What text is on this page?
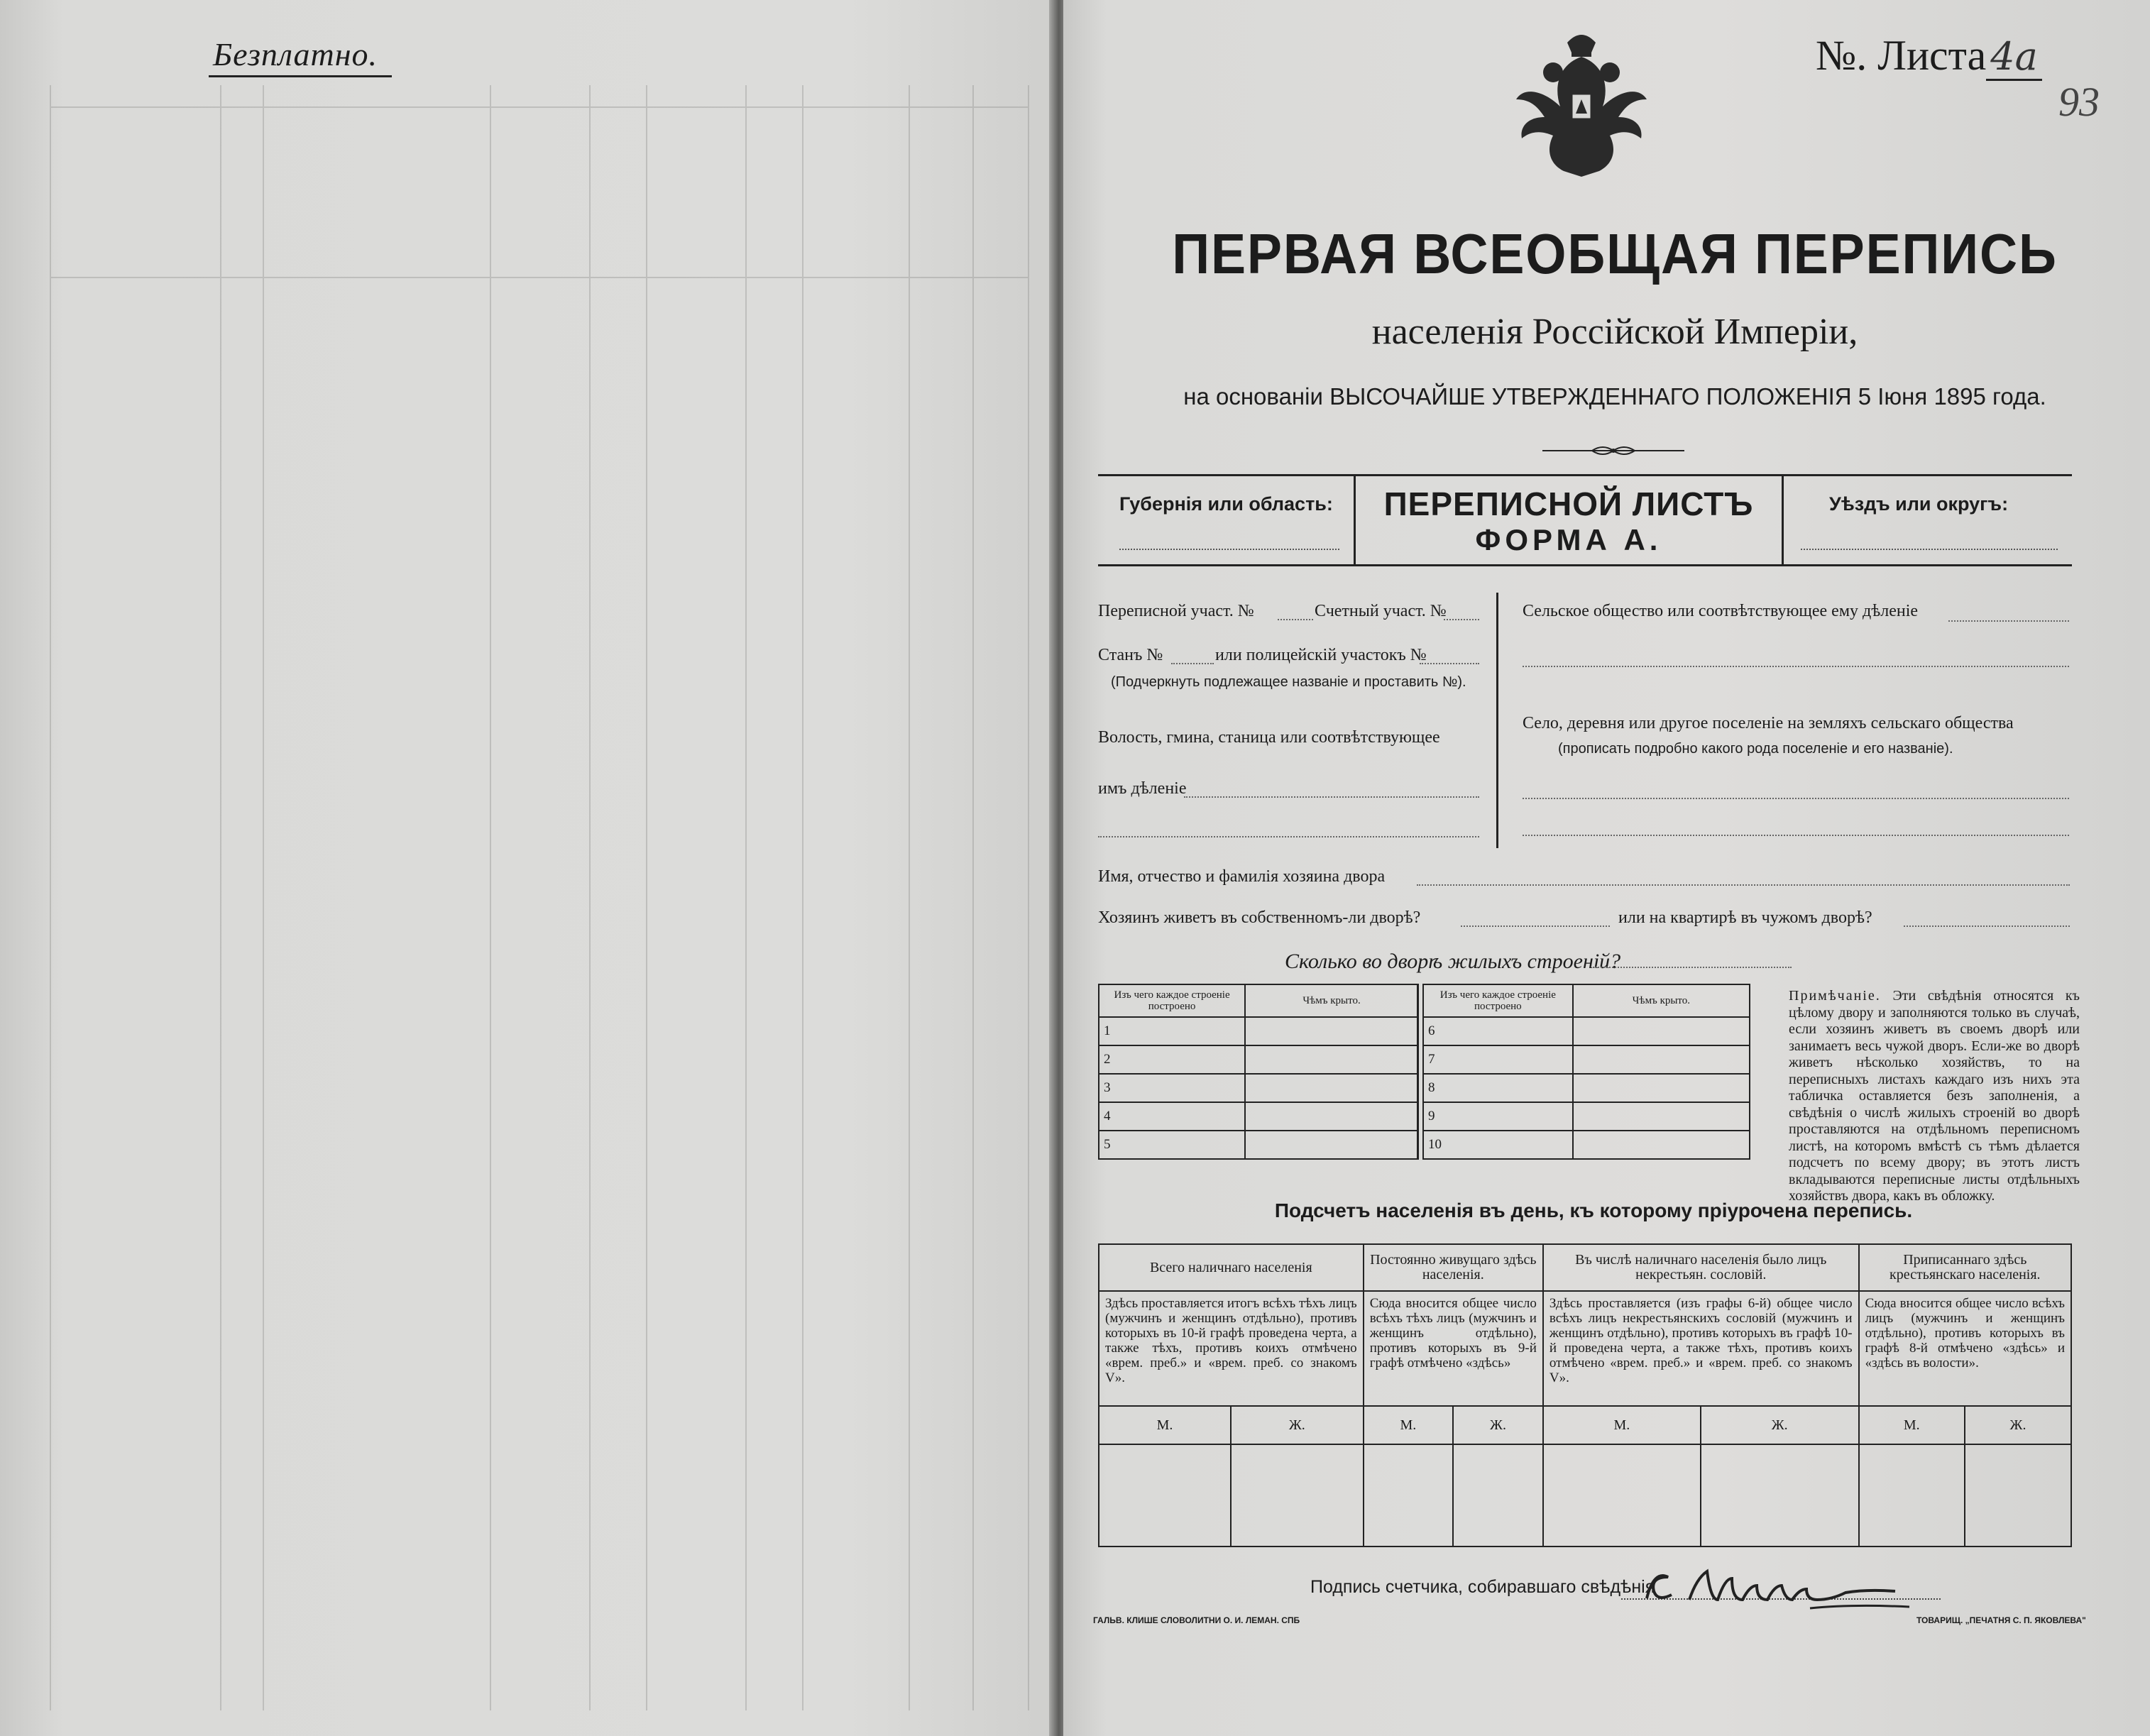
Безплатно.	№. Листа 4а
93
ПЕРВАЯ ВСЕОБЩАЯ ПЕРЕПИСЬ
населенія Россійской Имперіи,
на основаніи ВЫСОЧАЙШЕ УТВЕРЖДЕННАГО ПОЛОЖЕНІЯ 5 Іюня 1895 года.
Губернія или область:	ПЕРЕПИСНОЙ ЛИСТЪ
ФОРМА А.
Уѣздъ или округъ:
Переписной участ. №	Счетный участ. №
Станъ №	или полицейскій участокъ №
(Подчеркнуть подлежащее названіе и проставить №).
Волость, гмина, станица или соотвѣтствующее
имъ дѣленіе
Сельское общество или соотвѣтствующее ему дѣленіе
Село, деревня или другое поселеніе на земляхъ сельскаго общества
(прописать подробно какого рода поселеніе и его названіе).
Имя, отчество и фамилія хозяина двора
Хозяинъ живетъ въ собственномъ-ли дворѣ?	или на квартирѣ въ чужомъ дворѣ?
Сколько во дворѣ жилыхъ строеній?
Изъ чего каждое строеніе построено	Чѣмъ крыто.
1	
2	
3	
4	
5	
Изъ чего каждое строеніе построено	Чѣмъ крыто.
6	
7	
8	
9	
10	
Примѣчаніе. Эти свѣдѣнія относятся къ цѣлому двору и заполняются только въ случаѣ, если хозяинъ живетъ въ своемъ дворѣ или занимаетъ весь чужой дворъ. Если-же во дворѣ живетъ нѣсколько хозяйствъ, то на переписныхъ листахъ каждаго изъ нихъ эта табличка оставляется безъ заполненія, а свѣдѣнія о числѣ жилыхъ строеній во дворѣ проставляются на отдѣльномъ переписномъ листѣ, на которомъ вмѣстѣ съ тѣмъ дѣлается подсчетъ по всему двору; въ этотъ листъ вкладываются переписные листы отдѣльныхъ хозяйствъ двора, какъ въ обложку.
Подсчетъ населенія въ день, къ которому пріурочена перепись.
Всего наличнаго населенія		Постоянно живущаго здѣсь населенія.		Въ числѣ наличнаго населенія было лицъ некрестьян. сословій.		Приписаннаго здѣсь крестьянскаго населенія.	
Здѣсь проставляется итогъ всѣхъ тѣхъ лицъ (мужчинъ и женщинъ отдѣльно), противъ которыхъ въ 10-й графѣ проведена черта, а также тѣхъ, противъ коихъ отмѣчено «врем. преб.» и «врем. преб. со знакомъ V».		Сюда вносится общее число всѣхъ тѣхъ лицъ (мужчинъ и женщинъ отдѣльно), противъ которыхъ въ 9-й графѣ отмѣчено «здѣсь»		Здѣсь проставляется (изъ графы 6-й) общее число всѣхъ лицъ некрестьянскихъ сословій (мужчинъ и женщинъ отдѣльно), противъ которыхъ въ графѣ 10-й проведена черта, а также тѣхъ, противъ коихъ отмѣчено «врем. преб.» и «врем. преб. со знакомъ V».		Сюда вносится общее число всѣхъ лицъ (мужчинъ и женщинъ отдѣльно), противъ которыхъ въ графѣ 8-й отмѣчено «здѣсь» и «здѣсь въ волости».	
М.	Ж.	М.	Ж.	М.	Ж.	М.	Ж.

Подпись счетчика, собиравшаго свѣдѣнія
ГАЛЬВ. КЛИШЕ СЛОВОЛИТНИ О. И. ЛЕМАН. СПБ	ТОВАРИЩ. „ПЕЧАТНЯ С. П. ЯКОВЛЕВА"
